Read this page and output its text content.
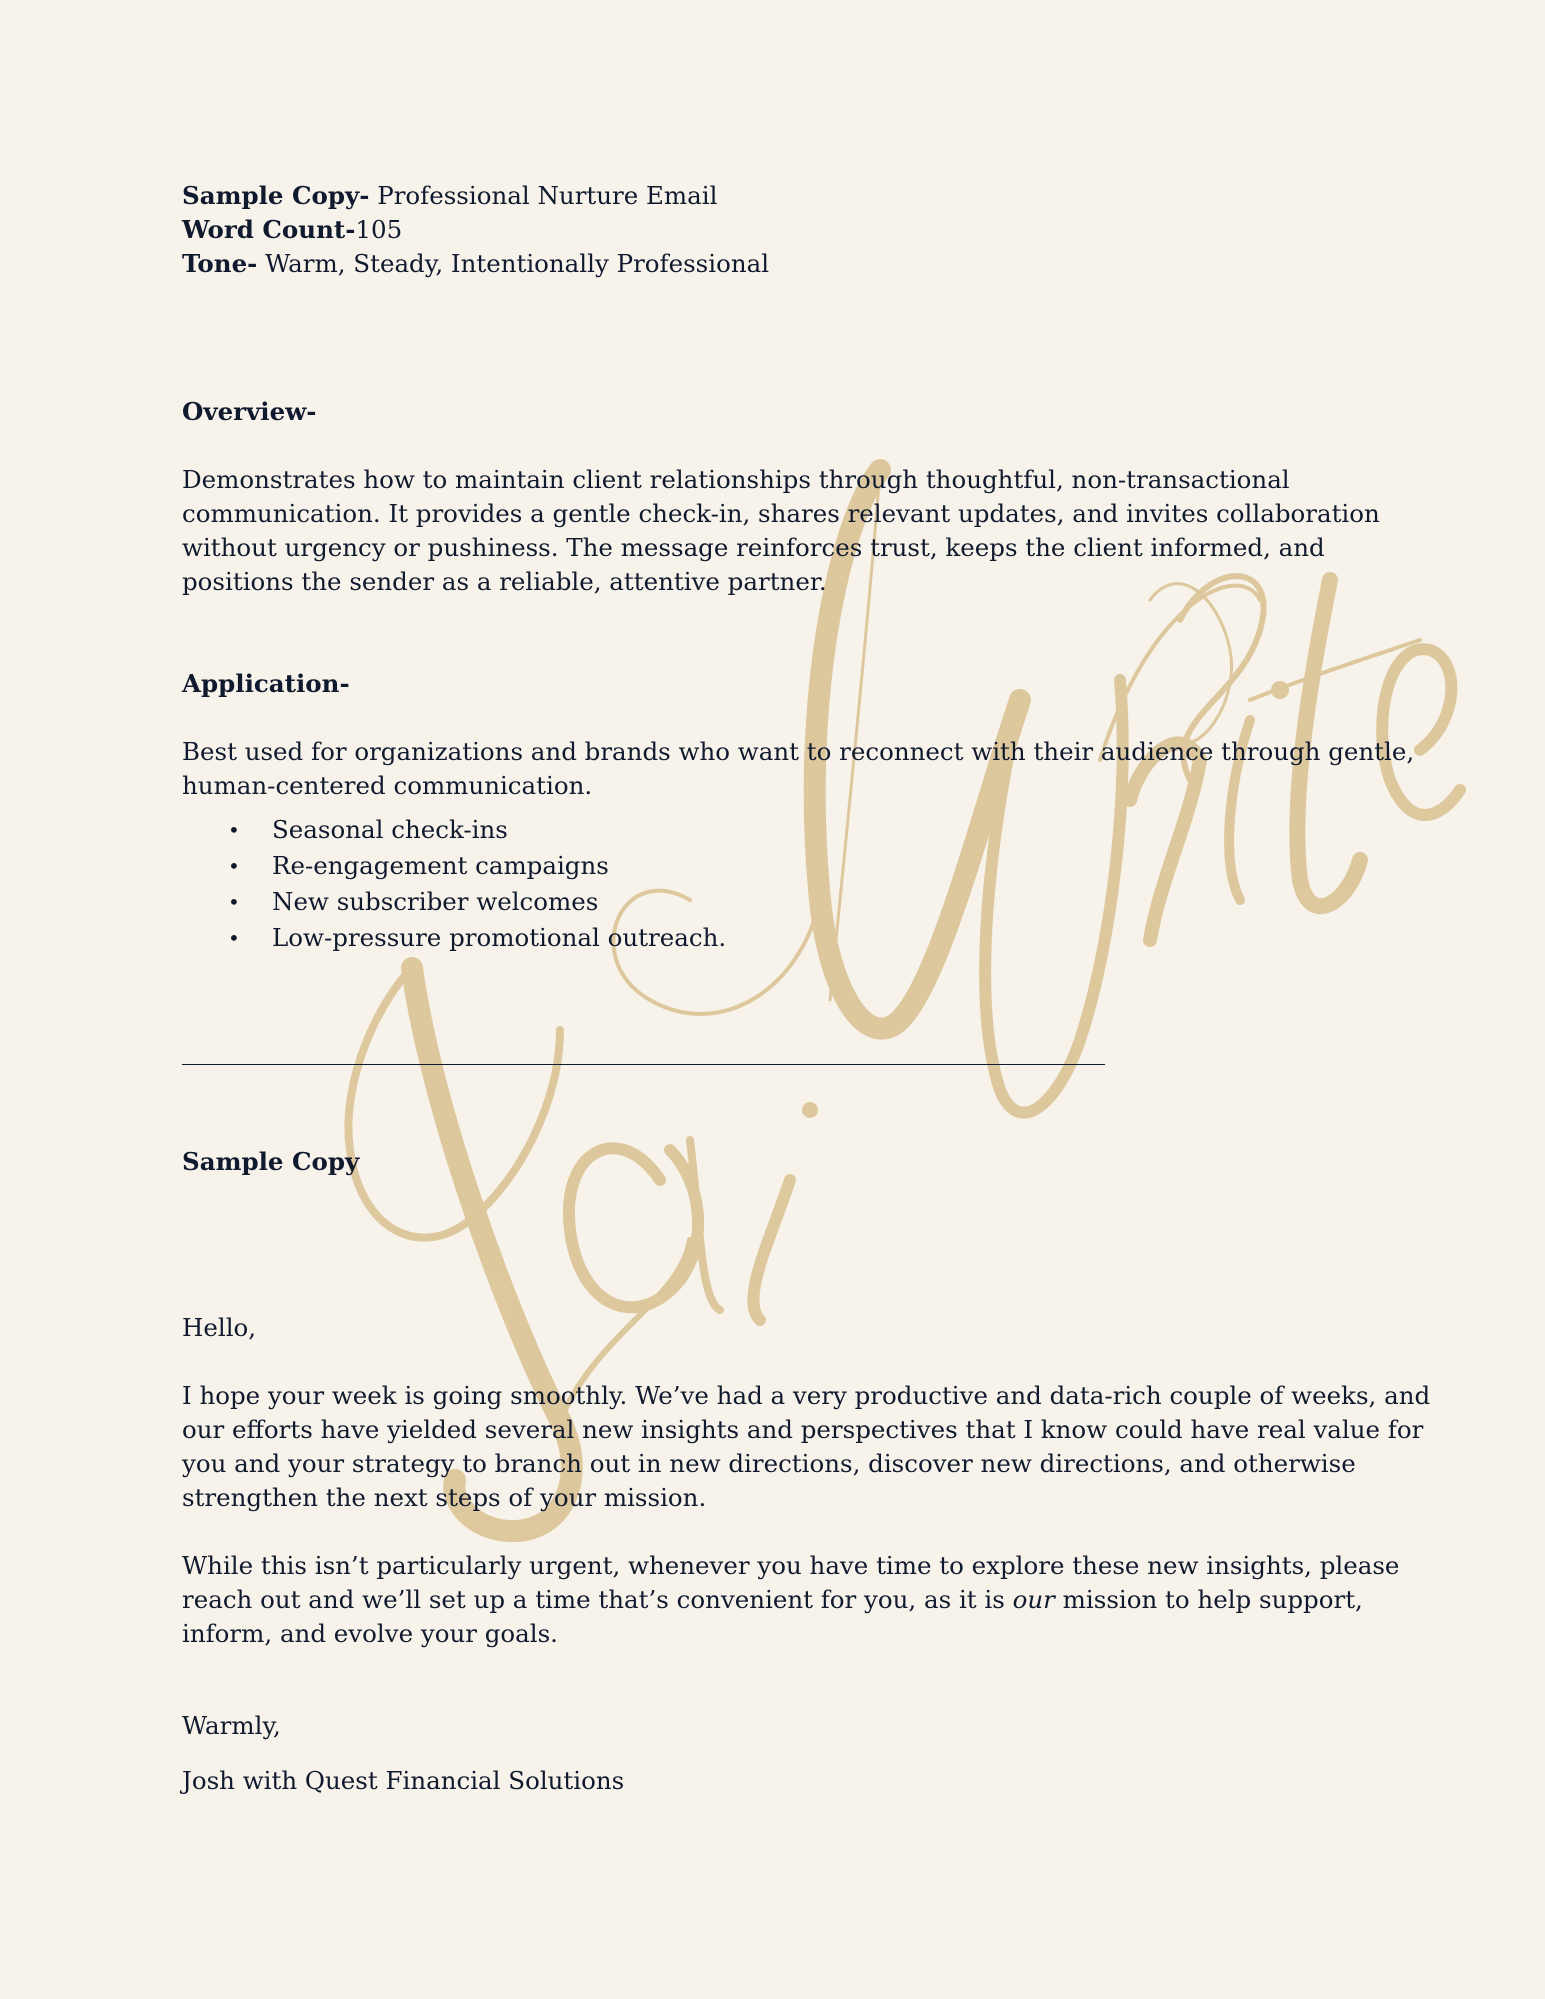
Sample Copy- Professional Nurture Email
Word Count-105
Tone- Warm, Steady, Intentionally Professional
Overview-
Demonstrates how to maintain client relationships through thoughtful, non-transactional
communication. It provides a gentle check-in, shares relevant updates, and invites collaboration
without urgency or pushiness. The message reinforces trust, keeps the client informed, and
positions the sender as a reliable, attentive partner.
Application-
Best used for organizations and brands who want to reconnect with their audience through gentle,
human-centered communication.
• Seasonal check-ins
• Re-engagement campaigns
• New subscriber welcomes
• Low-pressure promotional outreach.
Sample Copy
Hello,
I hope your week is going smoothly. We’ve had a very productive and data-rich couple of weeks, and
our efforts have yielded several new insights and perspectives that I know could have real value for
you and your strategy to branch out in new directions, discover new directions, and otherwise
strengthen the next steps of your mission.
While this isn’t particularly urgent, whenever you have time to explore these new insights, please
reach out and we’ll set up a time that’s convenient for you, as it is our mission to help support,
inform, and evolve your goals.
Warmly,
Josh with Quest Financial Solutions
